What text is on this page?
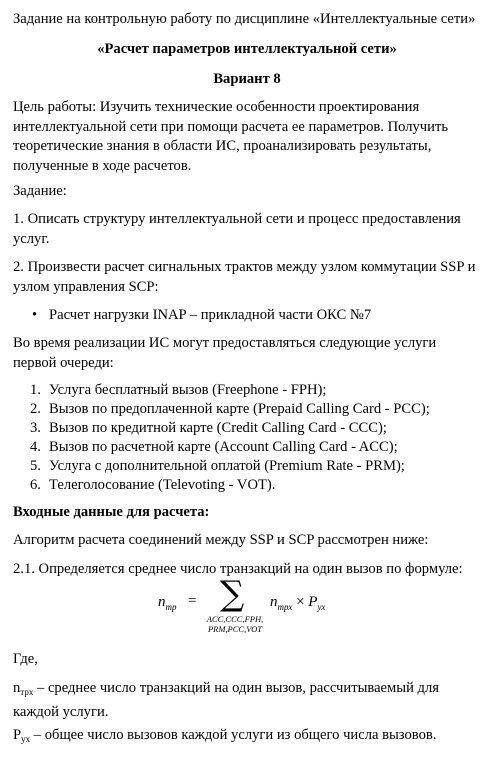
Задание на контрольную работу по дисциплине «Интеллектуальные сети»

«Расчет параметров интеллектуальной сети»

Вариант 8

Цель работы: Изучить технические особенности проектирования интеллектуальной сети при помощи расчета ее параметров. Получить теоретические знания в области ИС, проанализировать результаты, полученные в ходе расчетов.

Задание:

1. Описать структуру интеллектуальной сети и процесс предоставления услуг.

2. Произвести расчет сигнальных трактов между узлом коммутации SSP и узлом управления SCP:

• Расчет нагрузки INAP – прикладной части ОКС №7

Во время реализации ИС могут предоставляться следующие услуги первой очереди:

1. Услуга бесплатный вызов (Freephone - FPH);
2. Вызов по предоплаченной карте (Prepaid Calling Card - PCC);
3. Вызов по кредитной карте (Credit Calling Card - CCC);
4. Вызов по расчетной карте (Account Calling Card - ACC);
5. Услуга с дополнительной оплатой (Premium Rate - PRM);
6. Телеголосование (Televoting - VOT).

Входные данные для расчета:

Алгоритм расчета соединений между SSP и SCP рассмотрен ниже:

2.1. Определяется среднее число транзакций на один вызов по формуле:

$n_{тр}$ = ∑
ACC,CCC,FPH,
PRM,PCC,VOT
$n_{трх} \times P_{ух}$

Где,

$n_{трх}$ – среднее число транзакций на один вызов, рассчитываемый для каждой услуги.

$P_{ух}$ – общее число вызовов каждой услуги из общего числа вызовов.
